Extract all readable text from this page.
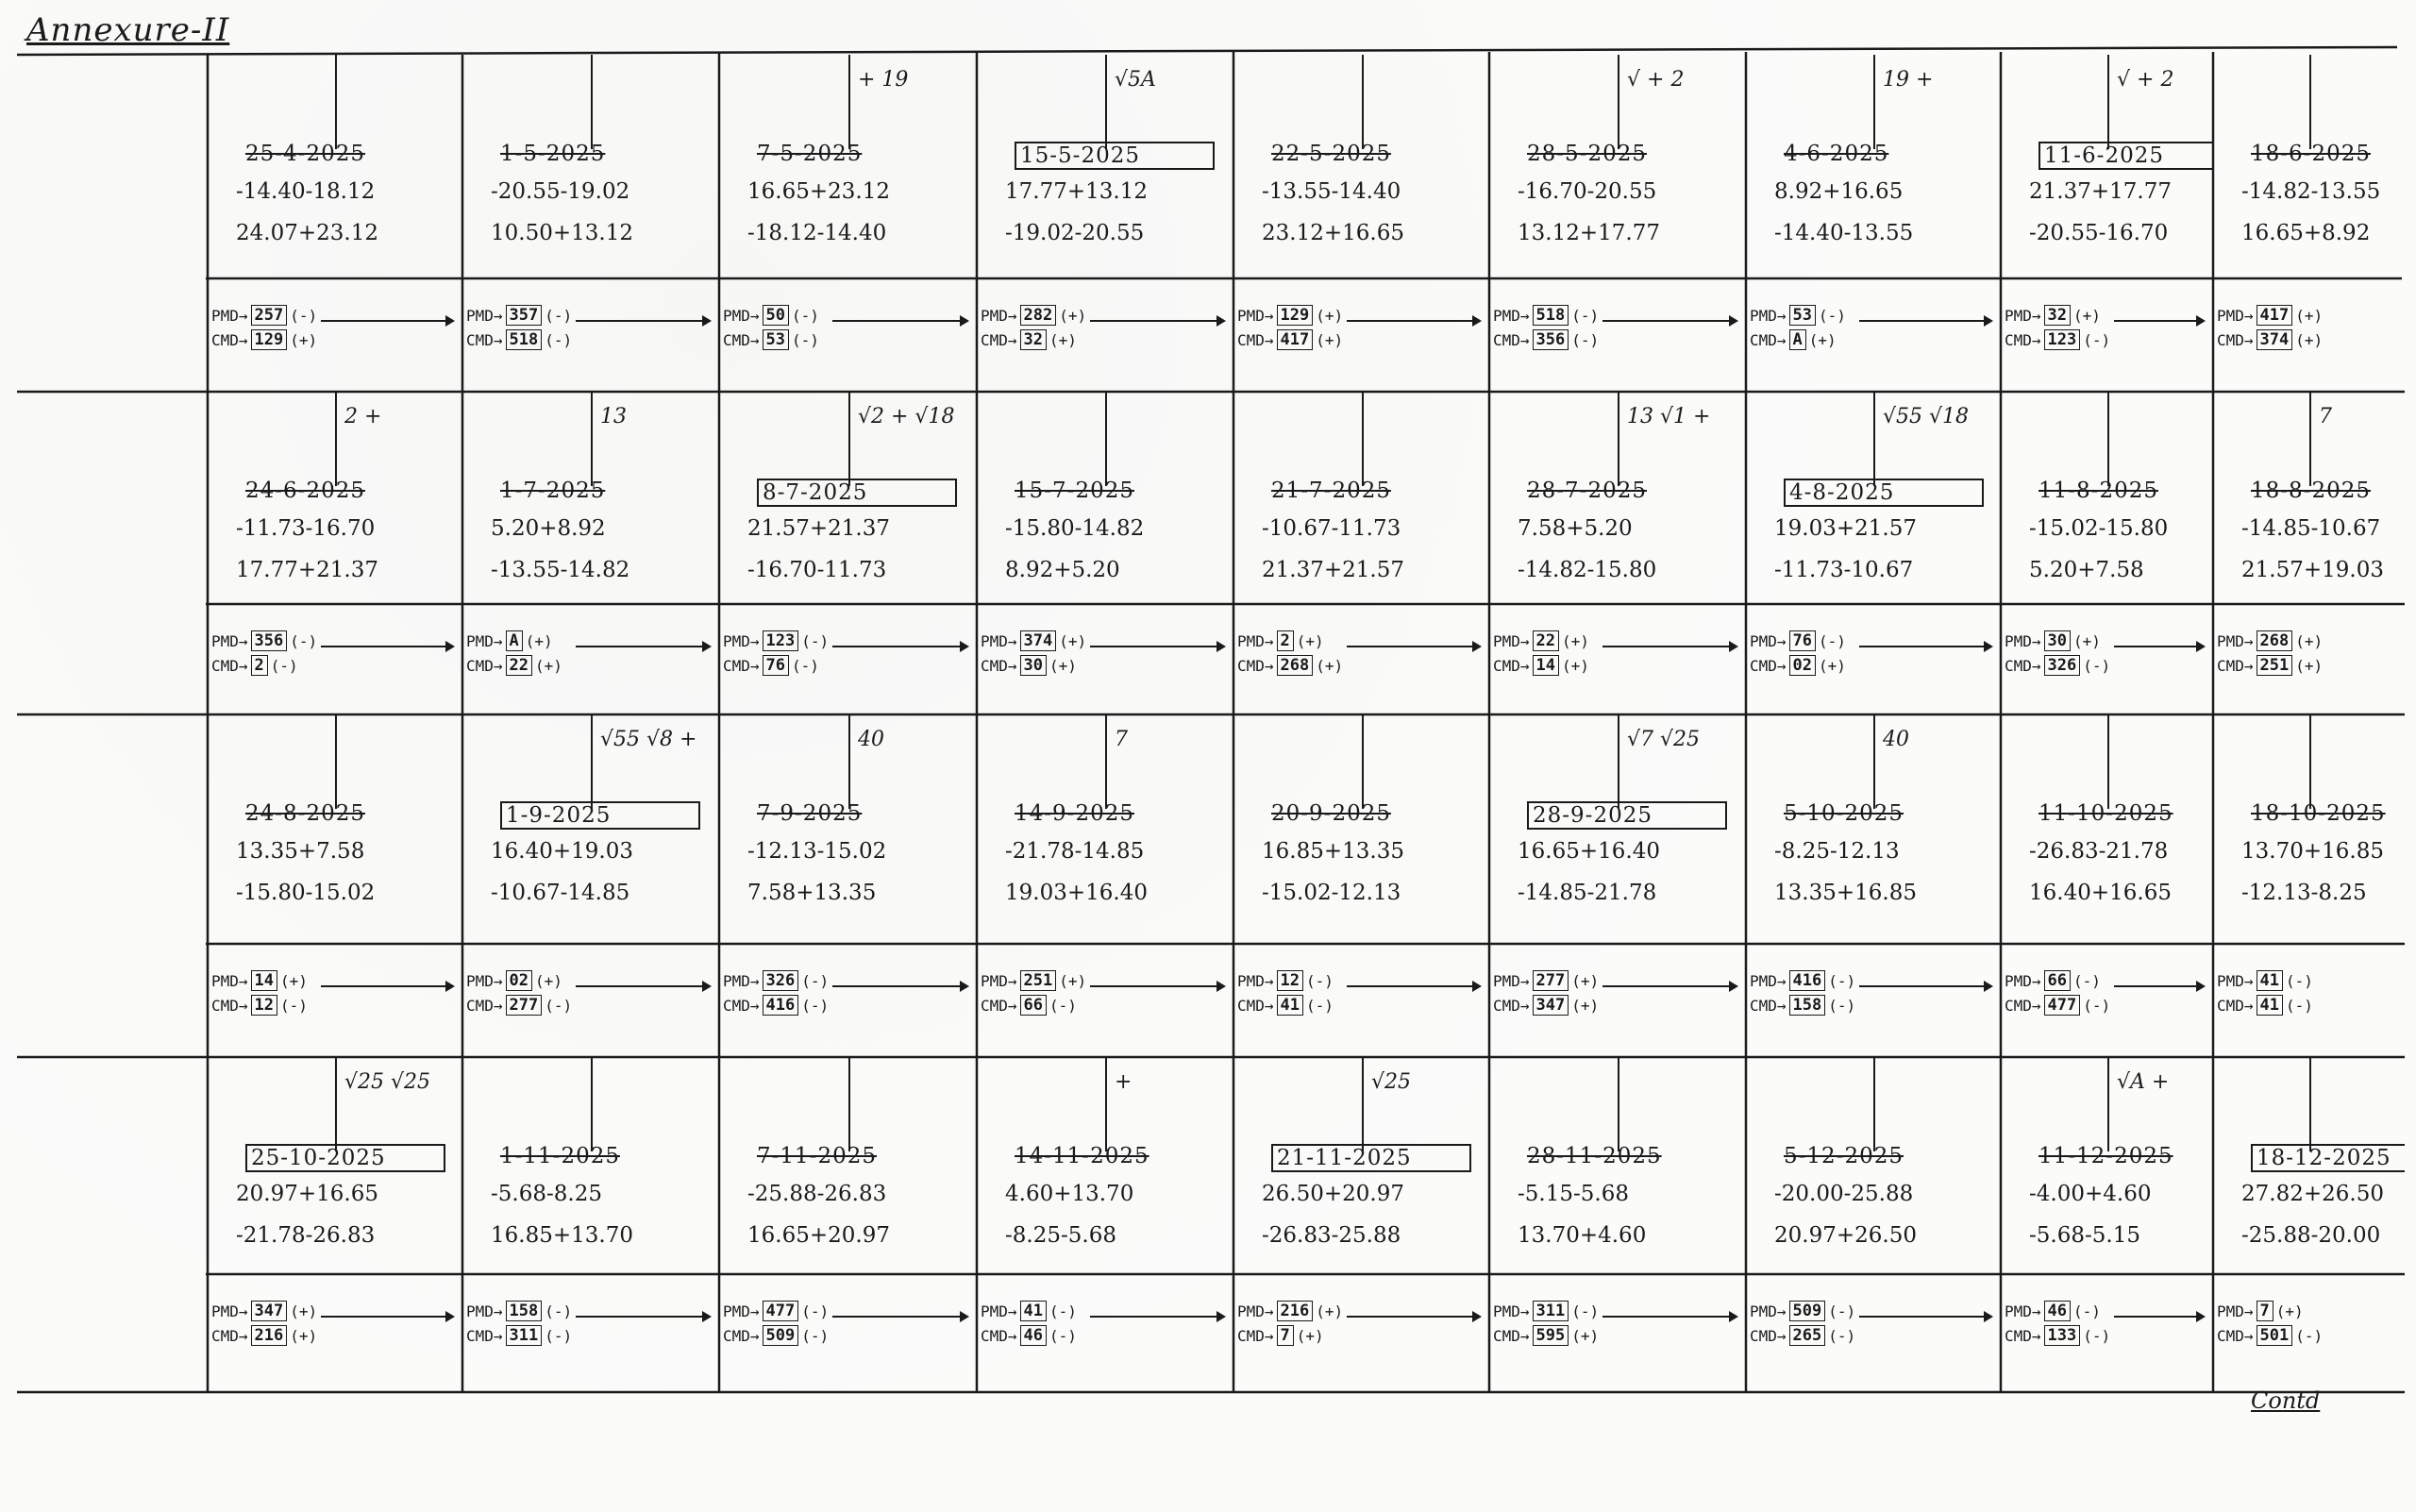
Annexure-II
Contd
25-4-2025
-14.40-18.12
24.07+23.12
1-5-2025
-20.55-19.02
10.50+13.12
+ 19
7-5-2025
16.65+23.12
-18.12-14.40
√5A
15-5-2025
17.77+13.12
-19.02-20.55
22-5-2025
-13.55-14.40
23.12+16.65
√ + 2
28-5-2025
-16.70-20.55
13.12+17.77
19 +
4-6-2025
8.92+16.65
-14.40-13.55
√ + 2
11-6-2025
21.37+17.77
-20.55-16.70
18-6-2025
-14.82-13.55
16.65+8.92
PMD→ 257 (-)
CMD→ 129 (+)
PMD→ 357 (-)
CMD→ 518 (-)
PMD→ 50 (-)
CMD→ 53 (-)
PMD→ 282 (+)
CMD→ 32 (+)
PMD→ 129 (+)
CMD→ 417 (+)
PMD→ 518 (-)
CMD→ 356 (-)
PMD→ 53 (-)
CMD→ A (+)
PMD→ 32 (+)
CMD→ 123 (-)
PMD→ 417 (+)
CMD→ 374 (+)
2 +
24-6-2025
-11.73-16.70
17.77+21.37
13
1-7-2025
5.20+8.92
-13.55-14.82
√2 + √18
8-7-2025
21.57+21.37
-16.70-11.73
15-7-2025
-15.80-14.82
8.92+5.20
21-7-2025
-10.67-11.73
21.37+21.57
13 √1 +
28-7-2025
7.58+5.20
-14.82-15.80
√55 √18
4-8-2025
19.03+21.57
-11.73-10.67
11-8-2025
-15.02-15.80
5.20+7.58
7
18-8-2025
-14.85-10.67
21.57+19.03
PMD→ 356 (-)
CMD→ 2 (-)
PMD→ A (+)
CMD→ 22 (+)
PMD→ 123 (-)
CMD→ 76 (-)
PMD→ 374 (+)
CMD→ 30 (+)
PMD→ 2 (+)
CMD→ 268 (+)
PMD→ 22 (+)
CMD→ 14 (+)
PMD→ 76 (-)
CMD→ 02 (+)
PMD→ 30 (+)
CMD→ 326 (-)
PMD→ 268 (+)
CMD→ 251 (+)
24-8-2025
13.35+7.58
-15.80-15.02
√55 √8 +
1-9-2025
16.40+19.03
-10.67-14.85
40
7-9-2025
-12.13-15.02
7.58+13.35
7
14-9-2025
-21.78-14.85
19.03+16.40
20-9-2025
16.85+13.35
-15.02-12.13
√7 √25
28-9-2025
16.65+16.40
-14.85-21.78
40
5-10-2025
-8.25-12.13
13.35+16.85
11-10-2025
-26.83-21.78
16.40+16.65
18-10-2025
13.70+16.85
-12.13-8.25
PMD→ 14 (+)
CMD→ 12 (-)
PMD→ 02 (+)
CMD→ 277 (-)
PMD→ 326 (-)
CMD→ 416 (-)
PMD→ 251 (+)
CMD→ 66 (-)
PMD→ 12 (-)
CMD→ 41 (-)
PMD→ 277 (+)
CMD→ 347 (+)
PMD→ 416 (-)
CMD→ 158 (-)
PMD→ 66 (-)
CMD→ 477 (-)
PMD→ 41 (-)
CMD→ 41 (-)
√25 √25
25-10-2025
20.97+16.65
-21.78-26.83
1-11-2025
-5.68-8.25
16.85+13.70
7-11-2025
-25.88-26.83
16.65+20.97
+
14-11-2025
4.60+13.70
-8.25-5.68
√25
21-11-2025
26.50+20.97
-26.83-25.88
28-11-2025
-5.15-5.68
13.70+4.60
5-12-2025
-20.00-25.88
20.97+26.50
√A +
11-12-2025
-4.00+4.60
-5.68-5.15
18-12-2025
27.82+26.50
-25.88-20.00
PMD→ 347 (+)
CMD→ 216 (+)
PMD→ 158 (-)
CMD→ 311 (-)
PMD→ 477 (-)
CMD→ 509 (-)
PMD→ 41 (-)
CMD→ 46 (-)
PMD→ 216 (+)
CMD→ 7 (+)
PMD→ 311 (-)
CMD→ 595 (+)
PMD→ 509 (-)
CMD→ 265 (-)
PMD→ 46 (-)
CMD→ 133 (-)
PMD→ 7 (+)
CMD→ 501 (-)
